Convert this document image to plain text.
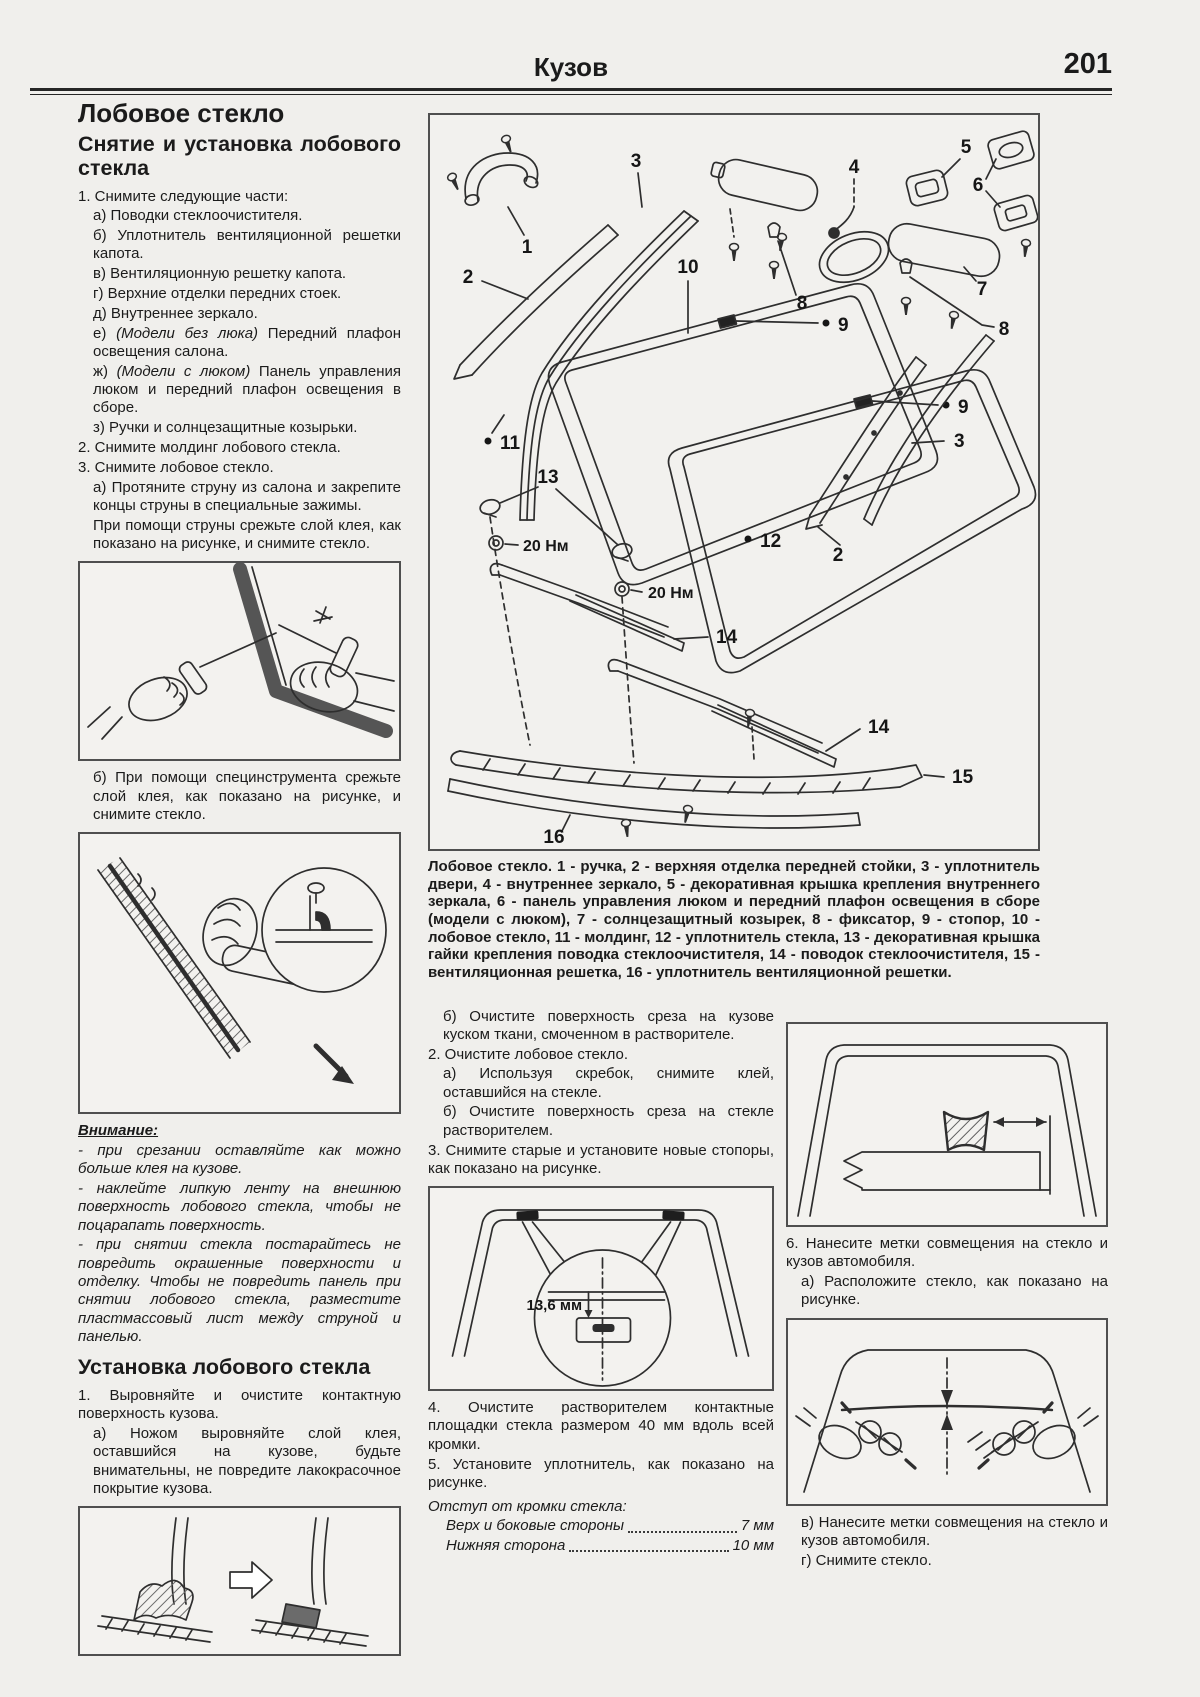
Кузов	201
Лобовое стекло
Снятие и установка лобового стекла

1. Снимите следующие части:

а) Поводки стеклоочистителя.

б) Уплотнитель вентиляционной решетки капота.

в) Вентиляционную решетку капота.

г) Верхние отделки передних стоек.

д) Внутреннее зеркало.

е) (Модели без люка) Передний плафон освещения салона.

ж) (Модели с люком) Панель управления люком и передний плафон освещения в сборе.

з) Ручки и солнцезащитные козырьки.

2. Снимите молдинг лобового стекла.

3. Снимите лобовое стекло.

а) Протяните струну из салона и закрепите концы струны в специальные зажимы.

При помощи струны срежьте слой клея, как показано на рисунке, и снимите стекло.

б) При помощи специнструмента срежьте слой клея, как показано на рисунке, и снимите стекло.

Внимание:

- при срезании оставляйте как можно больше клея на кузове.

- наклейте липкую ленту на внешнюю поверхность лобового стекла, чтобы не поцарапать поверхность.

- при снятии стекла постарайтесь не повредить окрашенные поверхности и отделку. Чтобы не повредить панель при снятии лобового стекла, разместите пластмассовый лист между струной и панелью.

Установка лобового стекла

1. Выровняйте и очистите контактную поверхность кузова.

а) Ножом выровняйте слой клея, оставшийся на кузове, будьте внимательны, не повредите лакокрасочное покрытие кузова.

1
2
3
10
9
9
11
12
2
3
8
4
5
6
7
8
13
20 Нм
20 Нм
14
14
15
16

Лобовое стекло. 1 - ручка, 2 - верхняя отделка передней стойки, 3 - уплотнитель двери, 4 - внутреннее зеркало, 5 - декоративная крышка крепления внутреннего зеркала, 6 - панель управления люком и передний плафон освещения в сборе (модели с люком), 7 - солнцезащитный козырек, 8 - фиксатор, 9 - стопор, 10 - лобовое стекло, 11 - молдинг, 12 - уплотнитель стекла, 13 - декоративная крышка гайки крепления поводка стеклоочистителя, 14 - поводок стеклоочистителя, 15 - вентиляционная решетка, 16 - уплотнитель вентиляционной решетки.

б) Очистите поверхность среза на кузове куском ткани, смоченном в растворителе.

2. Очистите лобовое стекло.

а) Используя скребок, снимите клей, оставшийся на стекле.

б) Очистите поверхность среза на стекле растворителем.

3. Снимите старые и установите новые стопоры, как показано на рисунке.

13,6 мм

4. Очистите растворителем контактные площадки стекла размером 40 мм вдоль всей кромки.

5. Установите уплотнитель, как показано на рисунке.

Отступ от кромки стекла:

Верх и боковые стороны	7 мм
Нижняя сторона	10 мм

6. Нанесите метки совмещения на стекло и кузов автомобиля.

а) Расположите стекло, как показано на рисунке.

в) Нанесите метки совмещения на стекло и кузов автомобиля.

г) Снимите стекло.
